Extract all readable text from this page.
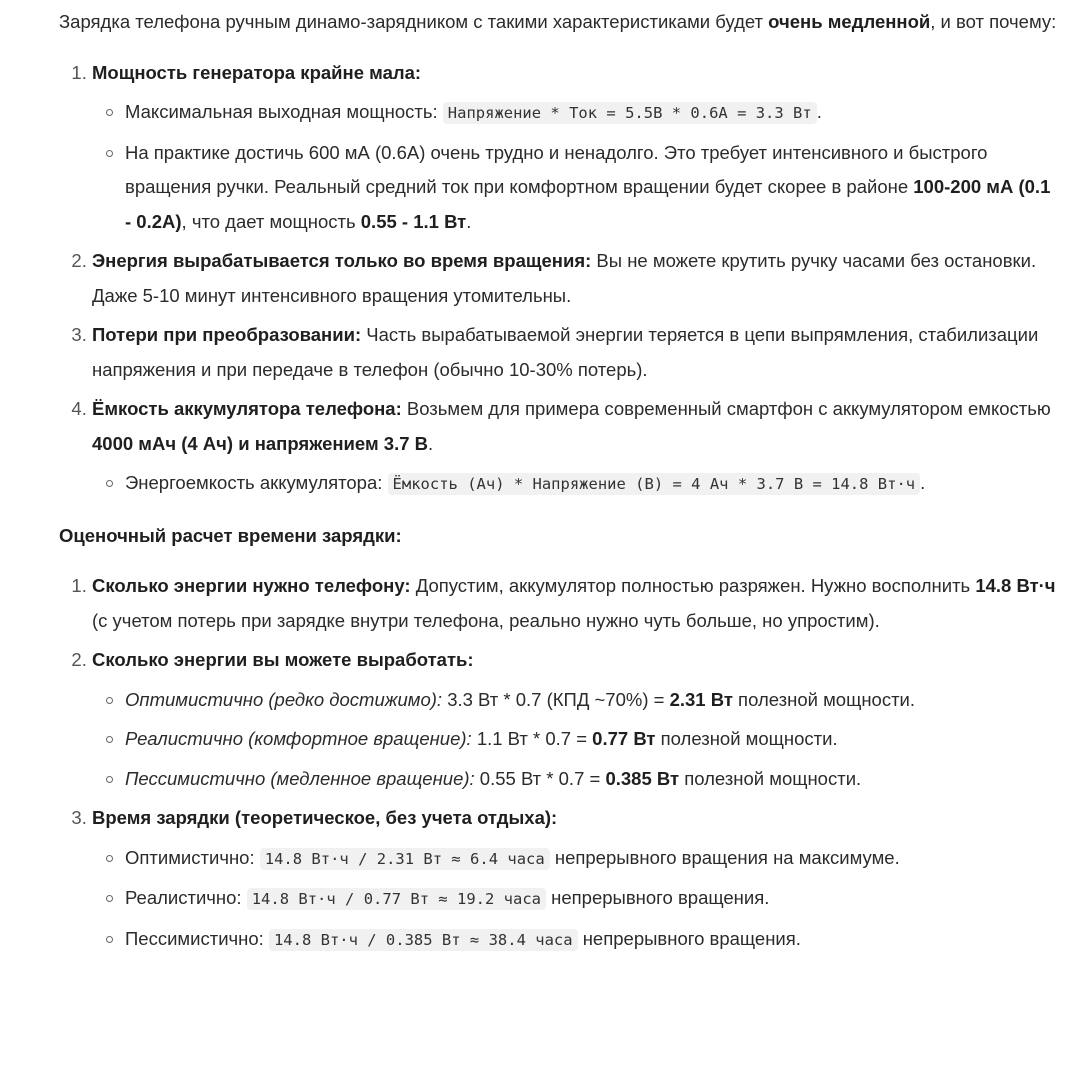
Зарядка телефона ручным динамо-зарядником с такими характеристиками будет очень медленной, и вот почему:

1. Мощность генератора крайне мала:
Максимальная выходная мощность: Напряжение * Ток = 5.5В * 0.6А = 3.3 Вт .
На практике достичь 600 мА (0.6А) очень трудно и ненадолго. Это требует интенсивного и быстрого вращения ручки. Реальный средний ток при комфортном вращении будет скорее в районе 100-200 мА (0.1 - 0.2А), что дает мощность 0.55 - 1.1 Вт.
2. Энергия вырабатывается только во время вращения: Вы не можете крутить ручку часами без остановки. Даже 5-10 минут интенсивного вращения утомительны.
3. Потери при преобразовании: Часть вырабатываемой энергии теряется в цепи выпрямления, стабилизации напряжения и при передаче в телефон (обычно 10-30% потерь).
4. Ёмкость аккумулятора телефона: Возьмем для примера современный смартфон с аккумулятором емкостью 4000 мАч (4 Ач) и напряжением 3.7 В.
Энергоемкость аккумулятора: Ёмкость (Ач) * Напряжение (В) = 4 Ач * 3.7 В = 14.8 Вт·ч .

Оценочный расчет времени зарядки:

1. Сколько энергии нужно телефону: Допустим, аккумулятор полностью разряжен. Нужно восполнить 14.8 Вт·ч (с учетом потерь при зарядке внутри телефона, реально нужно чуть больше, но упростим).
2. Сколько энергии вы можете выработать:
Оптимистично (редко достижимо): 3.3 Вт * 0.7 (КПД ~70%) = 2.31 Вт полезной мощности.
Реалистично (комфортное вращение): 1.1 Вт * 0.7 = 0.77 Вт полезной мощности.
Пессимистично (медленное вращение): 0.55 Вт * 0.7 = 0.385 Вт полезной мощности.
3. Время зарядки (теоретическое, без учета отдыха):
Оптимистично: 14.8 Вт·ч / 2.31 Вт ≈ 6.4 часа непрерывного вращения на максимуме.
Реалистично: 14.8 Вт·ч / 0.77 Вт ≈ 19.2 часа непрерывного вращения.
Пессимистично: 14.8 Вт·ч / 0.385 Вт ≈ 38.4 часа непрерывного вращения.
